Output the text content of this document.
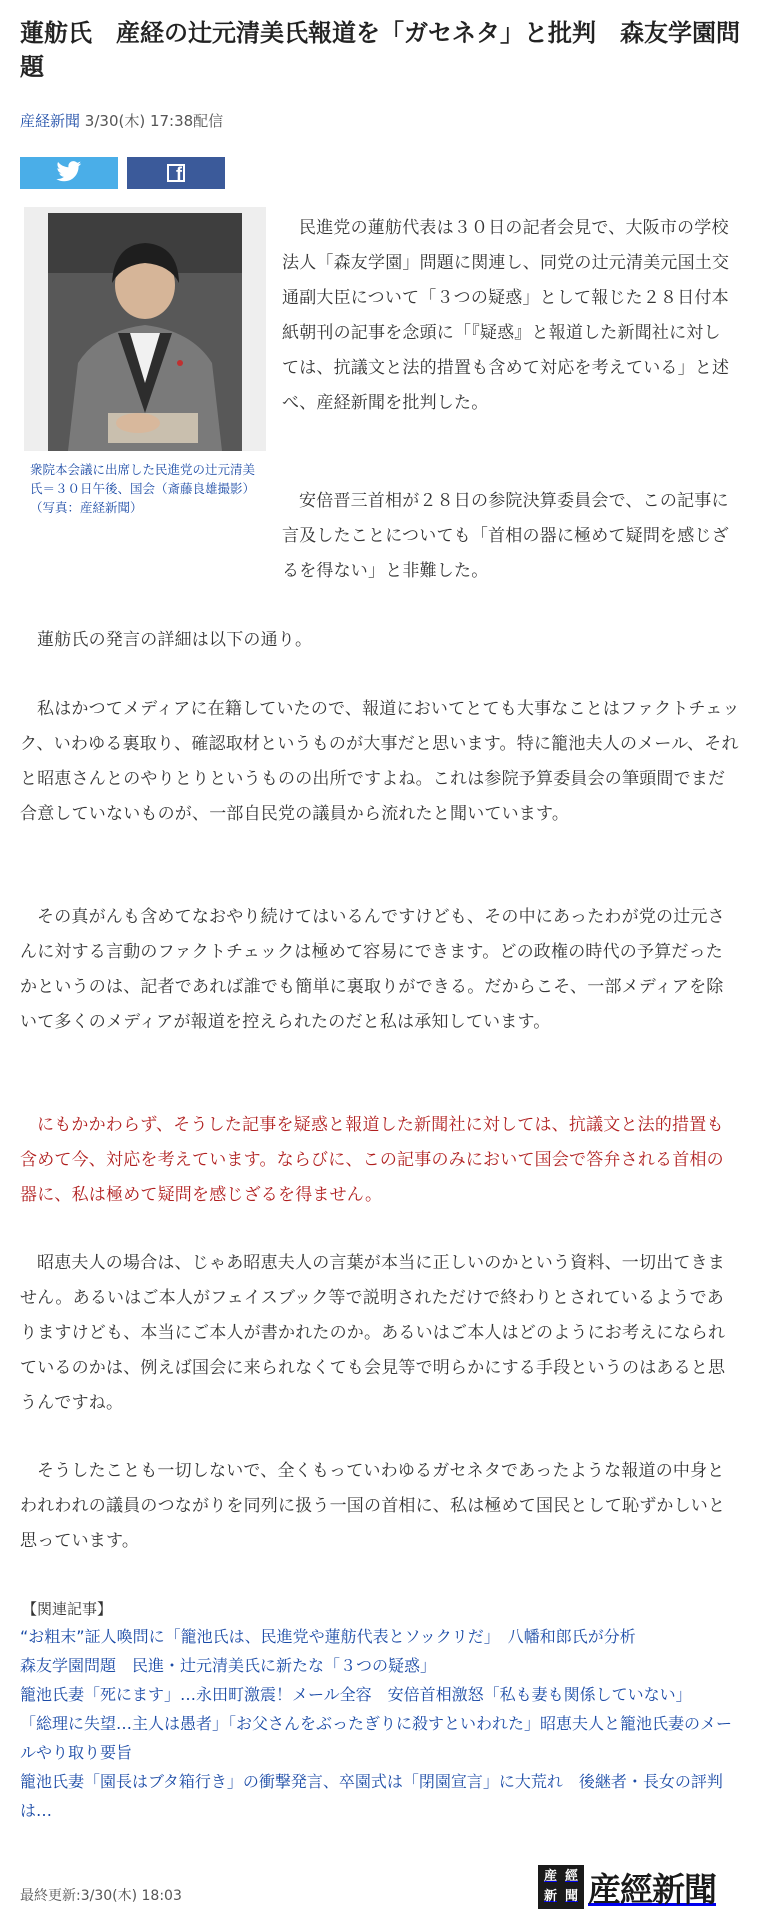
蓮舫氏　産経の辻元清美氏報道を「ガセネタ」と批判　森友学園問題
産経新聞 3/30(木) 17:38配信
f

衆院本会議に出席した民進党の辻元清美氏＝３０日午後、国会（斎藤良雄撮影）（写真：産経新聞）

民進党の蓮舫代表は３０日の記者会見で、大阪市の学校法人「森友学園」問題に関連し、同党の辻元清美元国土交通副大臣について「３つの疑惑」として報じた２８日付本紙朝刊の記事を念頭に「『疑惑』と報道した新聞社に対しては、抗議文と法的措置も含めて対応を考えている」と述べ、産経新聞を批判した。

安倍晋三首相が２８日の参院決算委員会で、この記事に言及したことについても「首相の器に極めて疑問を感じざるを得ない」と非難した。

蓮舫氏の発言の詳細は以下の通り。

私はかつてメディアに在籍していたので、報道においてとても大事なことはファクトチェック、いわゆる裏取り、確認取材というものが大事だと思います。特に籠池夫人のメール、それと昭恵さんとのやりとりというものの出所ですよね。これは参院予算委員会の筆頭間でまだ合意していないものが、一部自民党の議員から流れたと聞いています。

その真がんも含めてなおやり続けてはいるんですけども、その中にあったわが党の辻元さんに対する言動のファクトチェックは極めて容易にできます。どの政権の時代の予算だったかというのは、記者であれば誰でも簡単に裏取りができる。だからこそ、一部メディアを除いて多くのメディアが報道を控えられたのだと私は承知しています。

にもかかわらず、そうした記事を疑惑と報道した新聞社に対しては、抗議文と法的措置も含めて今、対応を考えています。ならびに、この記事のみにおいて国会で答弁される首相の器に、私は極めて疑問を感じざるを得ません。

昭恵夫人の場合は、じゃあ昭恵夫人の言葉が本当に正しいのかという資料、一切出てきません。あるいはご本人がフェイスブック等で説明されただけで終わりとされているようでありますけども、本当にご本人が書かれたのか。あるいはご本人はどのようにお考えになられているのかは、例えば国会に来られなくても会見等で明らかにする手段というのはあると思うんですね。

そうしたことも一切しないで、全くもっていわゆるガセネタであったような報道の中身とわれわれの議員のつながりを同列に扱う一国の首相に、私は極めて国民として恥ずかしいと思っています。

【関連記事】
“お粗末”証人喚問に「籠池氏は、民進党や蓮舫代表とソックリだ」　八幡和郎氏が分析
森友学園問題　民進・辻元清美氏に新たな「３つの疑惑」
籠池氏妻「死にます」…永田町激震！メール全容　安倍首相激怒「私も妻も関係していない」
「総理に失望…主人は愚者」「お父さんをぶったぎりに殺すといわれた」昭恵夫人と籠池氏妻のメールやり取り要旨
籠池氏妻「園長はブタ箱行き」の衝撃発言、卒園式は「閉園宣言」に大荒れ　後継者・長女の評判は…
最終更新:3/30(木) 18:03
産 經
新 聞 産經新聞
